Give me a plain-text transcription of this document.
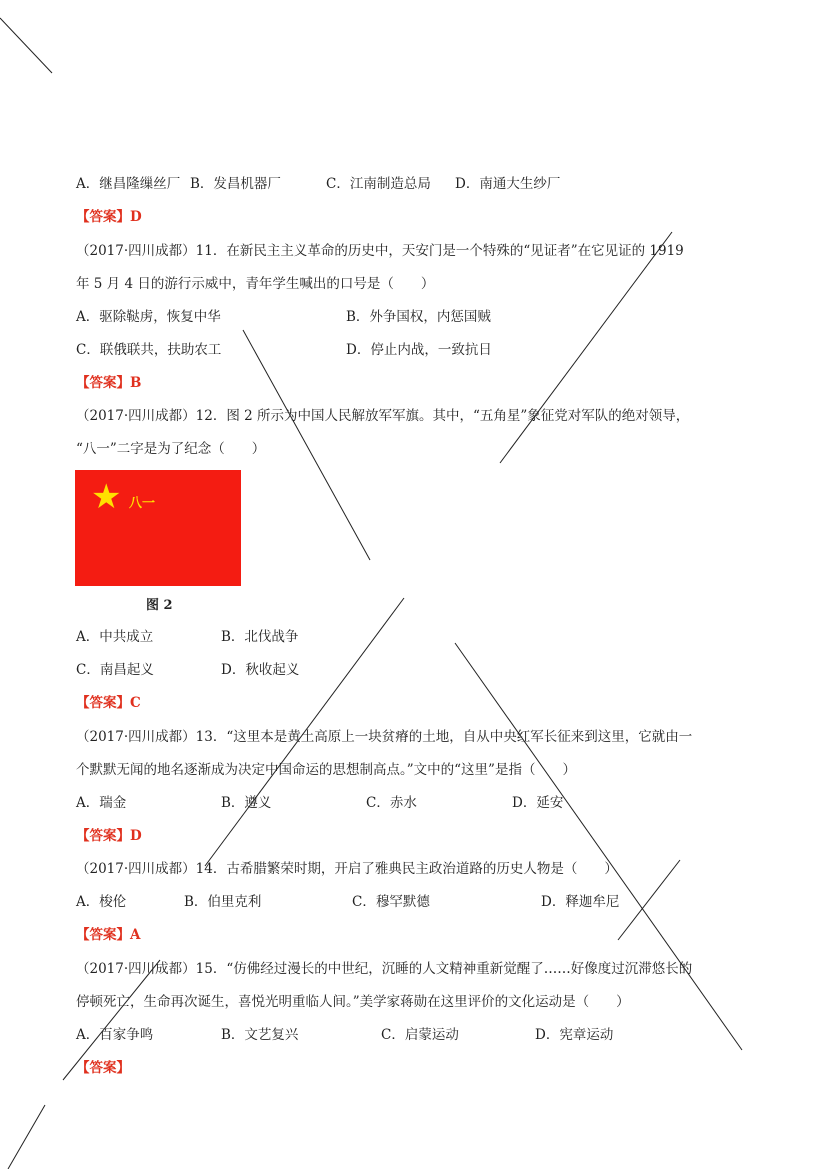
A．继昌隆缫丝厂 B．发昌机器厂	C．江南制造总局 D．南通大生纱厂
【答案】D
（2017·四川成都）11．在新民主主义革命的历史中，天安门是一个特殊的“见证者”在它见证的 1919
年 5 月 4 日的游行示威中，青年学生喊出的口号是（　　）
A．驱除鞑虏，恢复中华	B．外争国权，内惩国贼
C．联俄联共，扶助农工	D．停止内战，一致抗日
【答案】B
（2017·四川成都）12．图 2 所示为中国人民解放军军旗。其中，“五角星”象征党对军队的绝对领导，
“八一”二字是为了纪念（　　）
★ 八一
图 2
A．中共成立	B．北伐战争
C．南昌起义	D．秋收起义
【答案】C
（2017·四川成都）13．“这里本是黄土高原上一块贫瘠的土地，自从中央红军长征来到这里，它就由一
个默默无闻的地名逐渐成为决定中国命运的思想制高点。”文中的“这里”是指（　　）
A．瑞金	B．遵义	C．赤水	D．延安
【答案】D
（2017·四川成都）14．古希腊繁荣时期，开启了雅典民主政治道路的历史人物是（　　）
A．梭伦	B．伯里克利	C．穆罕默德	D．释迦牟尼
【答案】A
（2017·四川成都）15．“仿佛经过漫长的中世纪，沉睡的人文精神重新觉醒了……好像度过沉滞悠长的
停顿死亡，生命再次诞生，喜悦光明重临人间。”美学家蒋勋在这里评价的文化运动是（　　）
A．百家争鸣	B．文艺复兴	C．启蒙运动	D．宪章运动
【答案】
